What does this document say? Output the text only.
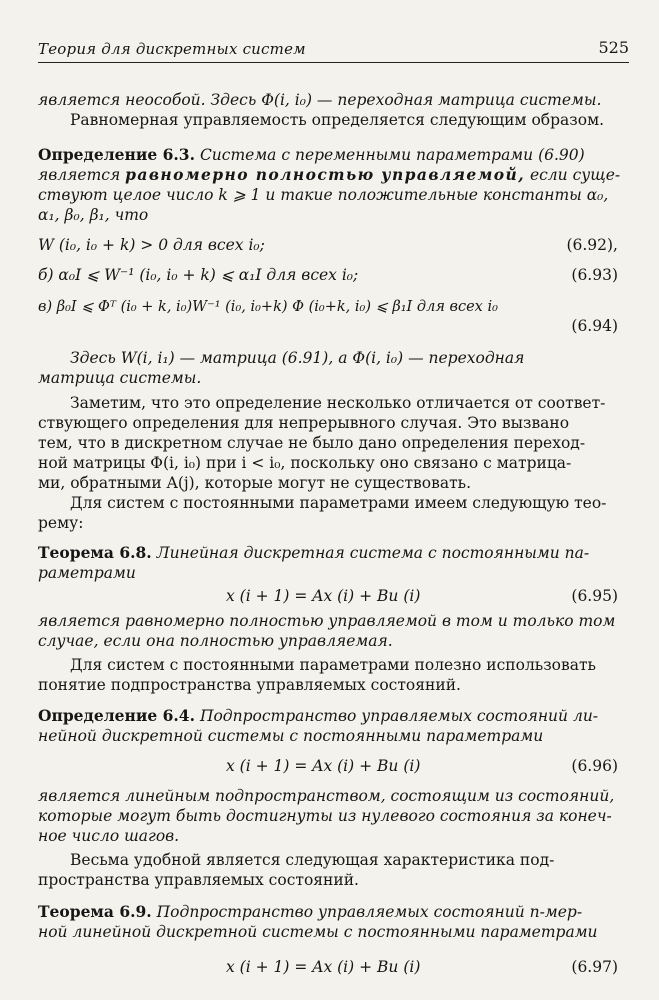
Теория для дискретных систем	525
является неособой. Здесь Φ(i, i₀) — переходная матрица системы.
Равномерная управляемость определяется следующим образом.
Определение 6.3. Система с переменными параметрами (6.90)
является равномерно полностью управляемой, если суще-
ствуют целое число k ⩾ 1 и такие положительные константы α₀,
α₁, β₀, β₁, что
W (i₀, i₀ + k) > 0 для всех i₀;	(6.92),
б) α₀I ⩽ W⁻¹ (i₀, i₀ + k) ⩽ α₁I для всех i₀;	(6.93)
в) β₀I ⩽ Φᵀ (i₀ + k, i₀)W⁻¹ (i₀, i₀+k) Φ (i₀+k, i₀) ⩽ β₁I для всех i₀
(6.94)
Здесь W(i, i₁) — матрица (6.91), а Φ(i, i₀) — переходная
матрица системы.
Заметим, что это определение несколько отличается от соответ-
ствующего определения для непрерывного случая. Это вызвано
тем, что в дискретном случае не было дано определения переход-
ной матрицы Φ(i, i₀) при i < i₀, поскольку оно связано с матрица-
ми, обратными A(j), которые могут не существовать.
Для систем с постоянными параметрами имеем следующую тео-
рему:
Теорема 6.8. Линейная дискретная система с постоянными па-
раметрами
x (i + 1) = Ax (i) + Bu (i)	(6.95)
является равномерно полностью управляемой в том и только том
случае, если она полностью управляемая.
Для систем с постоянными параметрами полезно использовать
понятие подпространства управляемых состояний.
Определение 6.4. Подпространство управляемых состояний ли-
нейной дискретной системы с постоянными параметрами
x (i + 1) = Ax (i) + Bu (i)	(6.96)
является линейным подпространством, состоящим из состояний,
которые могут быть достигнуты из нулевого состояния за конеч-
ное число шагов.
Весьма удобной является следующая характеристика под-
пространства управляемых состояний.
Теорема 6.9. Подпространство управляемых состояний n-мер-
ной линейной дискретной системы с постоянными параметрами
x (i + 1) = Ax (i) + Bu (i)	(6.97)
